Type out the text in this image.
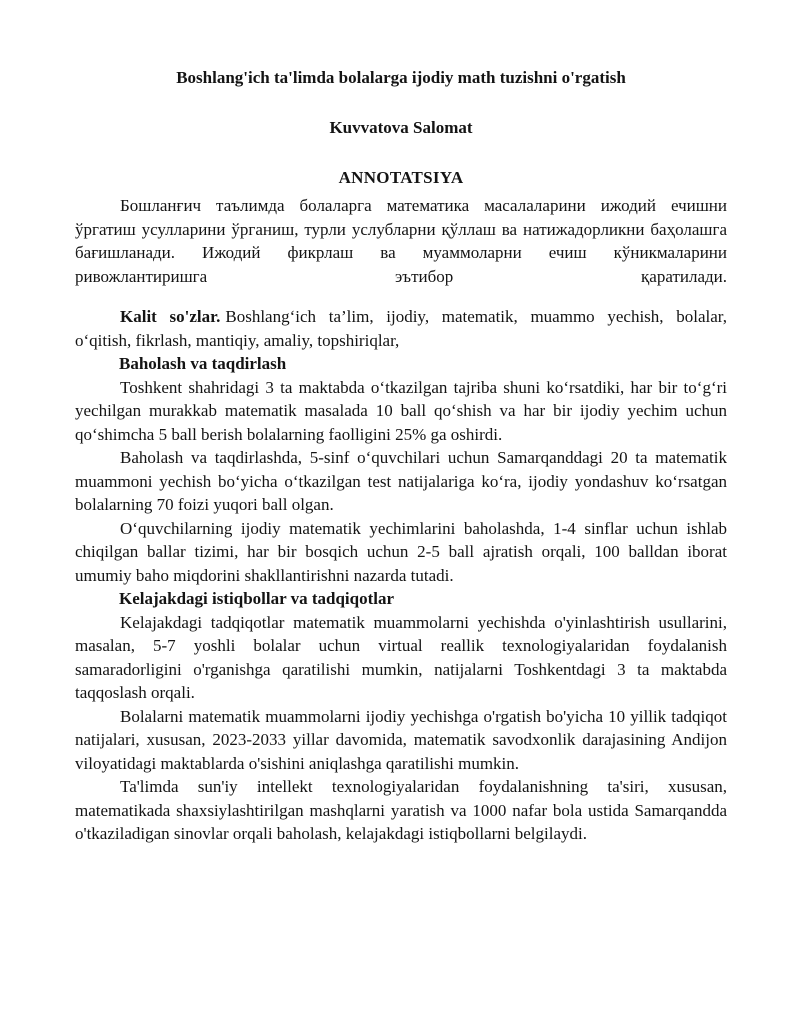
Boshlang'ich ta'limda bolalarga ijodiy math tuzishni o'rgatish

Kuvvatova Salomat

ANNOTATSIYA

Бошланғич таълимда болаларга математика масалаларини ижодий ечишни ўргатиш усулларини ўрганиш, турли услубларни қўллаш ва натижадорликни баҳолашга бағишланади. Ижодий фикрлаш ва муаммоларни ечиш кўникмаларини

ривожлантиришга	эътибор	қаратилади.

Kalit so'zlar. Boshlang‘ich ta’lim, ijodiy, matematik, muammo yechish, bolalar, o‘qitish, fikrlash, mantiqiy, amaliy, topshiriqlar,

Baholash va taqdirlash

Toshkent shahridagi 3 ta maktabda o‘tkazilgan tajriba shuni ko‘rsatdiki, har bir to‘g‘ri yechilgan murakkab matematik masalada 10 ball qo‘shish va har bir ijodiy yechim uchun qo‘shimcha 5 ball berish bolalarning faolligini 25% ga oshirdi.

Baholash va taqdirlashda, 5-sinf o‘quvchilari uchun Samarqanddagi 20 ta matematik muammoni yechish bo‘yicha o‘tkazilgan test natijalariga ko‘ra, ijodiy yondashuv ko‘rsatgan bolalarning 70 foizi yuqori ball olgan.

O‘quvchilarning ijodiy matematik yechimlarini baholashda, 1-4 sinflar uchun ishlab chiqilgan ballar tizimi, har bir bosqich uchun 2-5 ball ajratish orqali, 100 balldan iborat umumiy baho miqdorini shakllantirishni nazarda tutadi.

Kelajakdagi istiqbollar va tadqiqotlar

Kelajakdagi tadqiqotlar matematik muammolarni yechishda o'yinlashtirish usullarini, masalan, 5-7 yoshli bolalar uchun virtual reallik texnologiyalaridan foydalanish samaradorligini o'rganishga qaratilishi mumkin, natijalarni Toshkentdagi 3 ta maktabda taqqoslash orqali.

Bolalarni matematik muammolarni ijodiy yechishga o'rgatish bo'yicha 10 yillik tadqiqot natijalari, xususan, 2023-2033 yillar davomida, matematik savodxonlik darajasining Andijon viloyatidagi maktablarda o'sishini aniqlashga qaratilishi mumkin.

Ta'limda sun'iy intellekt texnologiyalaridan foydalanishning ta'siri, xususan, matematikada shaxsiylashtirilgan mashqlarni yaratish va 1000 nafar bola ustida Samarqandda o'tkaziladigan sinovlar orqali baholash, kelajakdagi istiqbollarni belgilaydi.
